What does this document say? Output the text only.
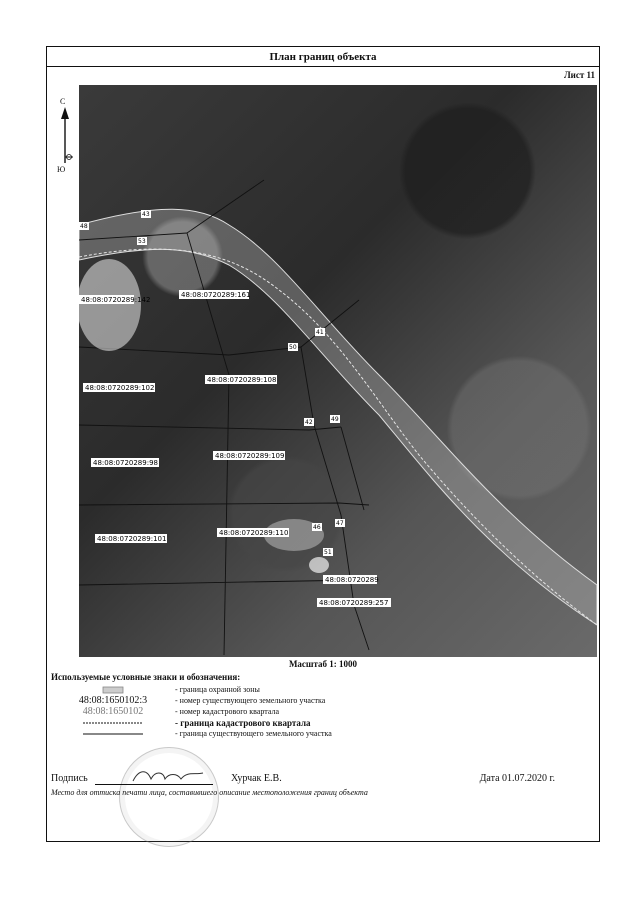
План границ объекта
Лист 11
С
Ю
48:08:0720289:142
48:08:0720289:161
48:08:0720289:102
48:08:0720289:108
48:08:0720289:98
48:08:0720289:109
48:08:0720289:101
48:08:0720289:110
48:08:0720289
48:08:0720289:257
48
43
53
41
50
49
42
47
46
51
Масштаб 1: 1000
Используемые условные знаки и обозначения:
- граница охранной зоны
48:08:1650102:3	- номер существующего земельного участка
48:08:1650102	- номер кадастрового квартала
- граница кадастрового квартала
- граница существующего земельного участка
Подпись	Хурчак Е.В.	Дата 01.07.2020 г.
Место для оттиска печати лица, составившего описание местоположения границ объекта
